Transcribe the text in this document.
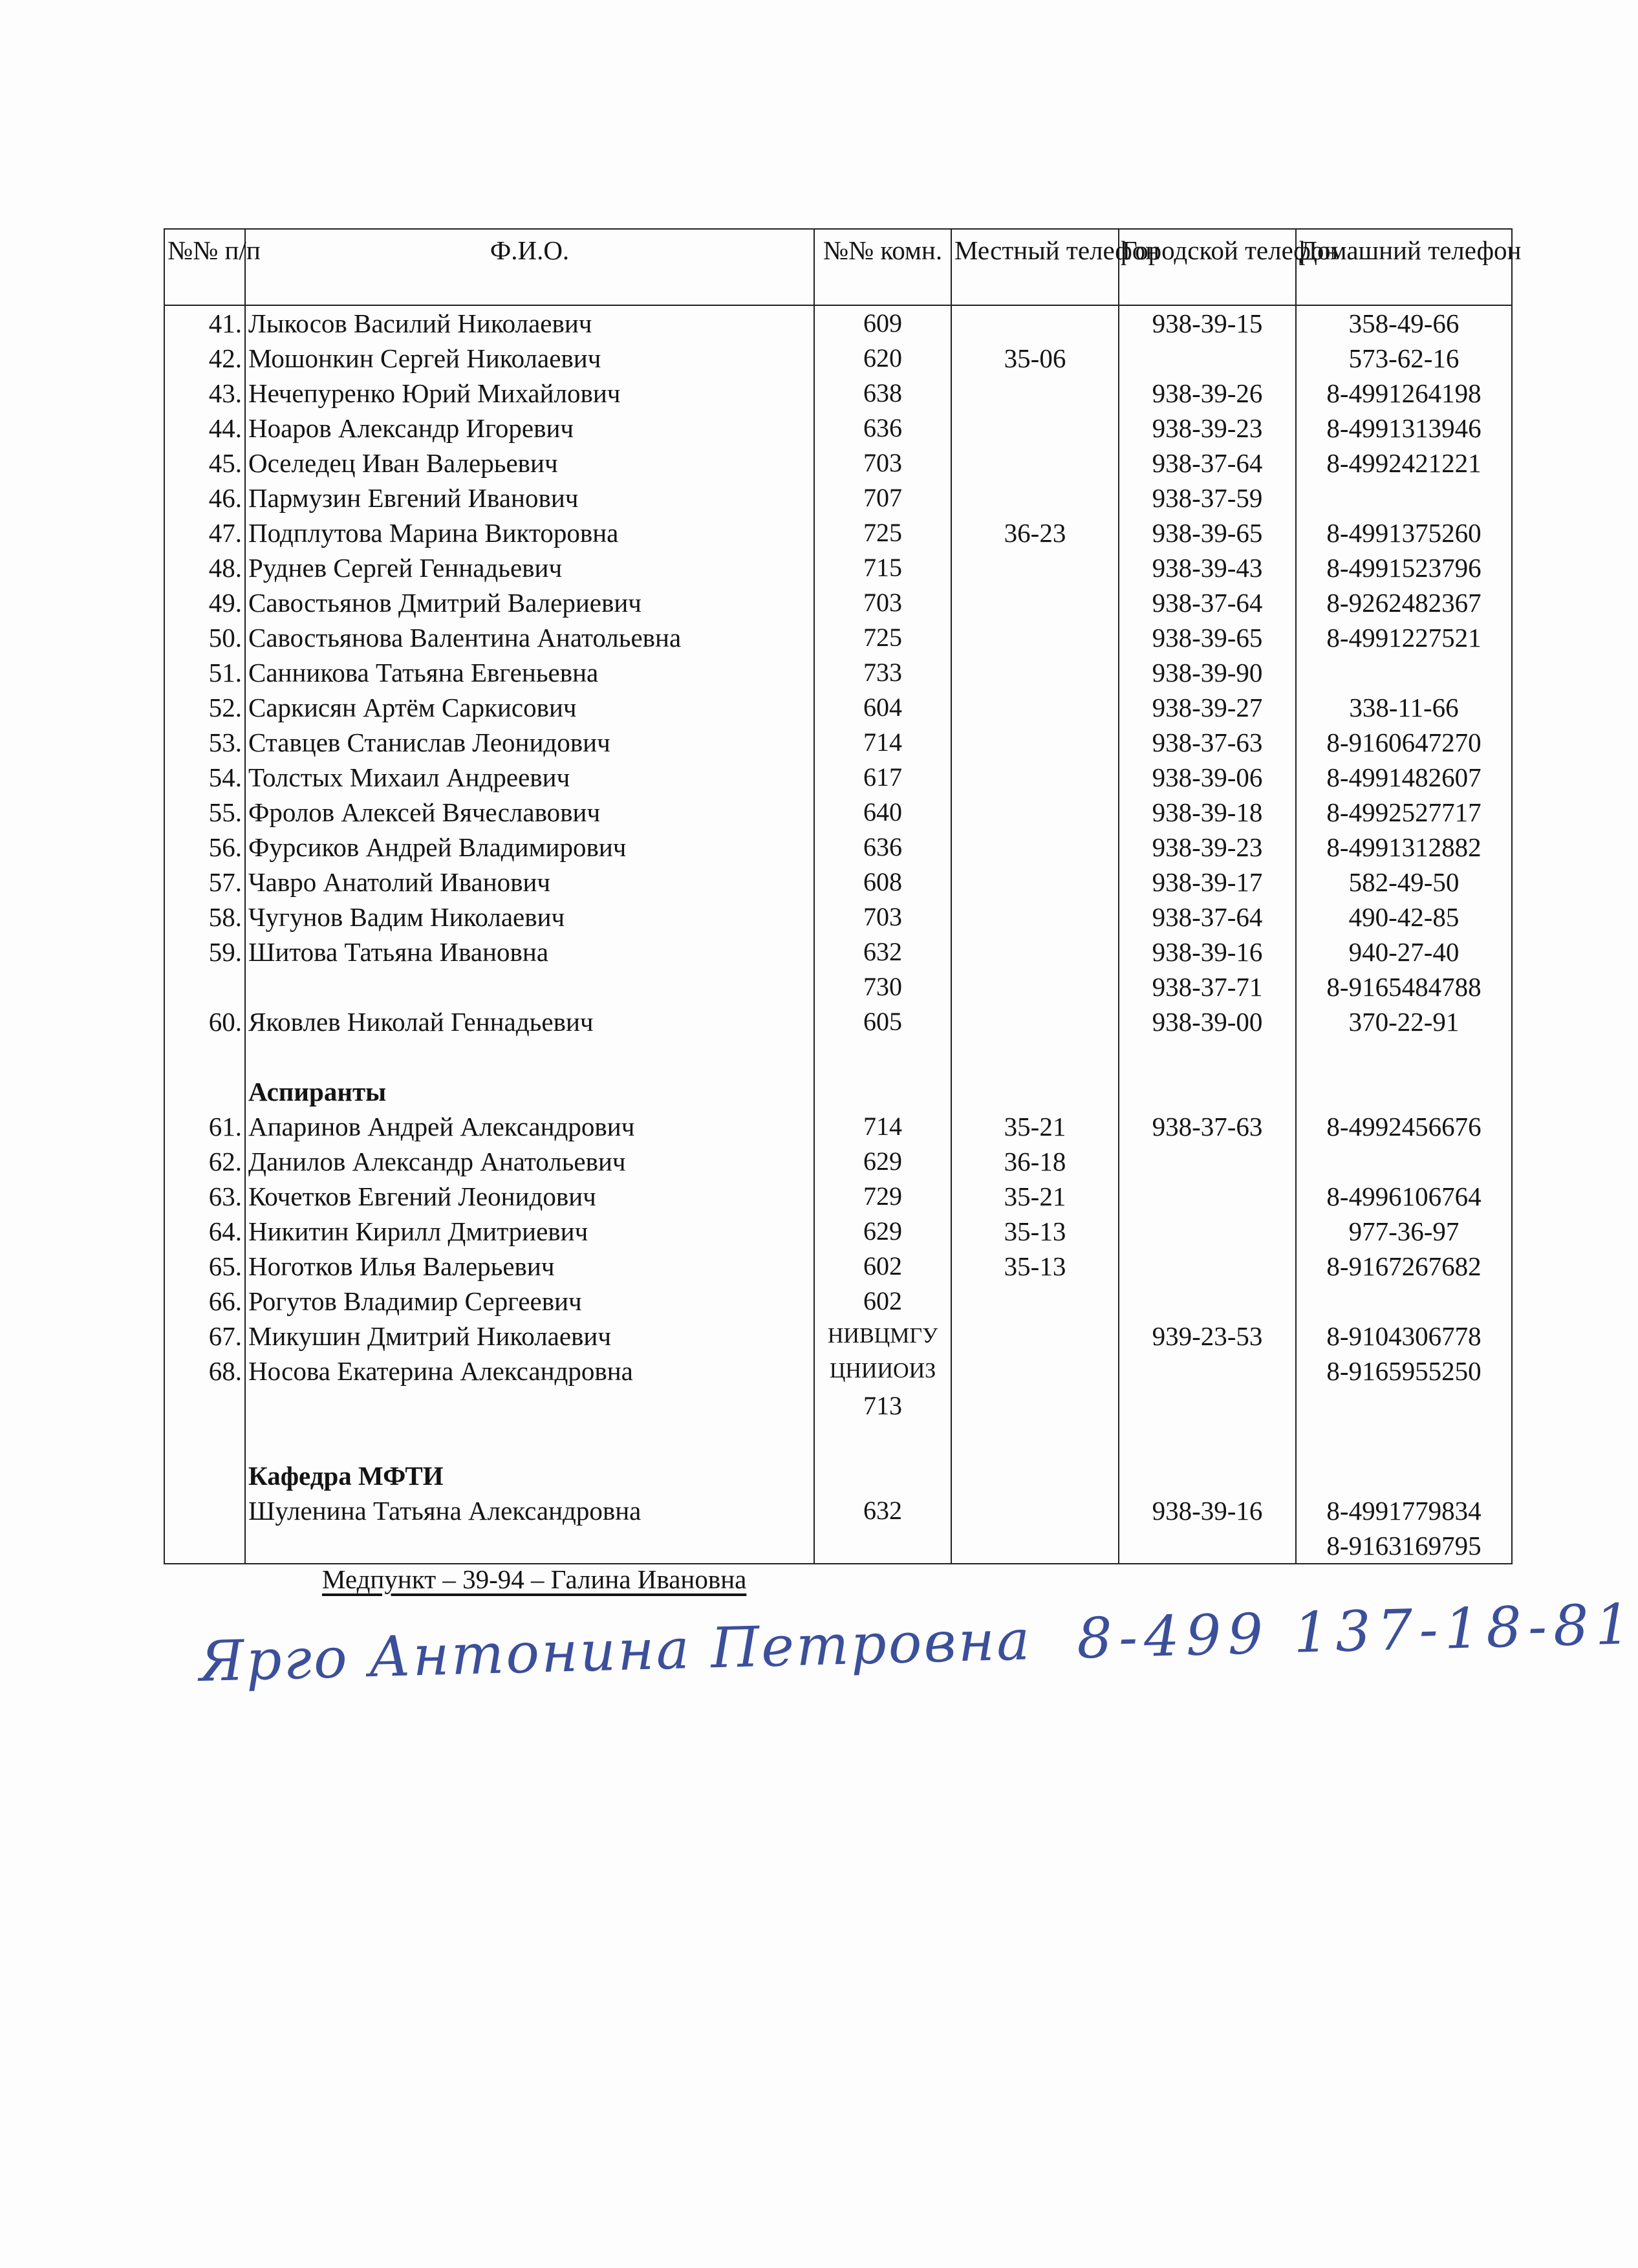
№№ п/п	Ф.И.О.	№№ комн.	Местный телефон	Городской телефон	Домашний телефон
41.	Лыкосов Василий Николаевич	609		938-39-15	358-49-66
42.	Мошонкин Сергей Николаевич	620	35-06		573-62-16
43.	Нечепуренко Юрий Михайлович	638		938-39-26	8-4991264198
44.	Ноаров Александр Игоревич	636		938-39-23	8-4991313946
45.	Оселедец Иван Валерьевич	703		938-37-64	8-4992421221
46.	Пармузин Евгений Иванович	707		938-37-59	
47.	Подплутова Марина Викторовна	725	36-23	938-39-65	8-4991375260
48.	Руднев Сергей Геннадьевич	715		938-39-43	8-4991523796
49.	Савостьянов Дмитрий Валериевич	703		938-37-64	8-9262482367
50.	Савостьянова Валентина Анатольевна	725		938-39-65	8-4991227521
51.	Санникова Татьяна Евгеньевна	733		938-39-90	
52.	Саркисян Артём Саркисович	604		938-39-27	338-11-66
53.	Ставцев Станислав Леонидович	714		938-37-63	8-9160647270
54.	Толстых Михаил Андреевич	617		938-39-06	8-4991482607
55.	Фролов Алексей Вячеславович	640		938-39-18	8-4992527717
56.	Фурсиков Андрей Владимирович	636		938-39-23	8-4991312882
57.	Чавро Анатолий Иванович	608		938-39-17	582-49-50
58.	Чугунов Вадим Николаевич	703		938-37-64	490-42-85
59.	Шитова Татьяна Ивановна	632		938-39-16	940-27-40
		730		938-37-71	8-9165484788
60.	Яковлев Николай Геннадьевич	605		938-39-00	370-22-91

	Аспиранты				
61.	Апаринов Андрей Александрович	714	35-21	938-37-63	8-4992456676
62.	Данилов Александр Анатольевич	629	36-18		
63.	Кочетков Евгений Леонидович	729	35-21		8-4996106764
64.	Никитин Кирилл Дмитриевич	629	35-13		977-36-97
65.	Ноготков Илья Валерьевич	602	35-13		8-9167267682
66.	Рогутов Владимир Сергеевич	602			
67.	Микушин Дмитрий Николаевич	НИВЦМГУ		939-23-53	8-9104306778
68.	Носова Екатерина Александровна	ЦНИИОИЗ			8-9165955250
		713			

	Кафедра МФТИ				
	Шуленина Татьяна Александровна	632		938-39-16	8-4991779834
					8-9163169795
Медпункт – 39-94 – Галина Ивановна
Ярго Антонина Петровна 8-499 137-18-81
